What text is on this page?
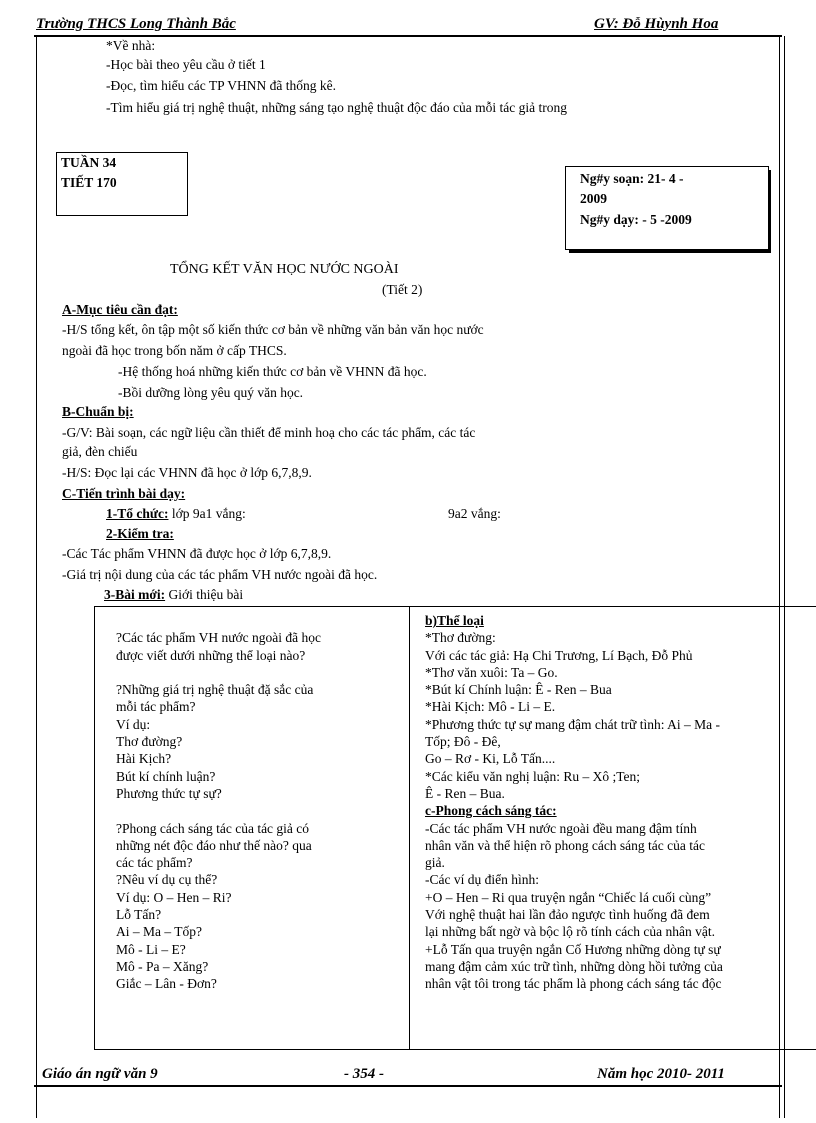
Trường THCS Long Thành Bắc	GV: Đỗ Hùynh Hoa
*Về nhà:
-Học bài theo yêu cầu ở tiết 1
-Đọc, tìm hiểu các TP VHNN đã thống kê.
-Tìm hiểu giá trị nghệ thuật, những sáng tạo nghệ thuật độc đáo của mỗi tác giả trong
TUẦN 34
TIẾT 170	Ng#y soạn: 21- 4 -
2009
Ng#y dạy: - 5 -2009
TỔNG KẾT VĂN HỌC NƯỚC NGOÀI
(Tiết 2)
A-Mục tiêu cần đạt:
-H/S tổng kết, ôn tập một số kiến thức cơ bản về những văn bản văn học nước
ngoài đã học trong bốn năm ở cấp THCS.
-Hệ thống hoá những kiến thức cơ bản về VHNN đã học.
-Bồi dưỡng lòng yêu quý văn học.
B-Chuẩn bị:
-G/V: Bài soạn, các ngữ liệu cần thiết để minh hoạ cho các tác phẩm, các tác
giả, đèn chiếu
-H/S: Đọc lại các VHNN đã học ở lớp 6,7,8,9.
C-Tiến trình bài dạy:
1-Tổ chức: lớp 9a1 vắng:	9a2 vắng:
2-Kiểm tra:
-Các Tác phẩm VHNN đã được học ở lớp 6,7,8,9.
-Giá trị nội dung của các tác phẩm VH nước ngoài đã học.
3-Bài mới: Giới thiệu bài
?Các tác phẩm VH nước ngoài đã học
được viết dưới những thể loại nào?
?Những giá trị nghệ thuật đặ sắc của
mỗi tác phẩm?
Ví dụ:
Thơ đường?
Hài Kịch?
Bút kí chính luận?
Phương thức tự sự?
?Phong cách sáng tác của tác giả có
những nét độc đáo như thế nào? qua
các tác phẩm?
?Nêu ví dụ cụ thể?
Ví dụ: O – Hen – Ri?
Lỗ Tấn?
Ai – Ma – Tốp?
Mô - Li – E?
Mô - Pa – Xăng?
Giắc – Lân - Đơn?
b)Thể loại
*Thơ đường:
Với các tác giả: Hạ Chi Trương, Lí Bạch, Đỗ Phủ
*Thơ văn xuôi: Ta – Go.
*Bút kí Chính luận: Ê - Ren – Bua
*Hài Kịch: Mô - Li – E.
*Phương thức tự sự mang đậm chát trữ tình: Ai – Ma -
Tốp; Đô - Đê,
Go – Rơ - Ki, Lỗ Tấn....
*Các kiểu văn nghị luận: Ru – Xô ;Ten;
Ê - Ren – Bua.
c-Phong cách sáng tác:
-Các tác phẩm VH nước ngoài đều mang đậm tính
nhân văn và thể hiện rõ phong cách sáng tác của tác
giả.
-Các ví dụ điển hình:
+O – Hen – Ri qua truyện ngắn “Chiếc lá cuối cùng”
Với nghệ thuật hai lần đảo ngược tình huống đã đem
lại những bất ngờ và bộc lộ rõ tính cách của nhân vật.
+Lỗ Tấn qua truyện ngắn Cố Hương những dòng tự sự
mang đậm cảm xúc trữ tình, những dòng hồi tưởng của
nhân vật tôi trong tác phẩm là phong cách sáng tác độc
Giáo án ngữ văn 9	- 354 -	Năm học 2010- 2011
